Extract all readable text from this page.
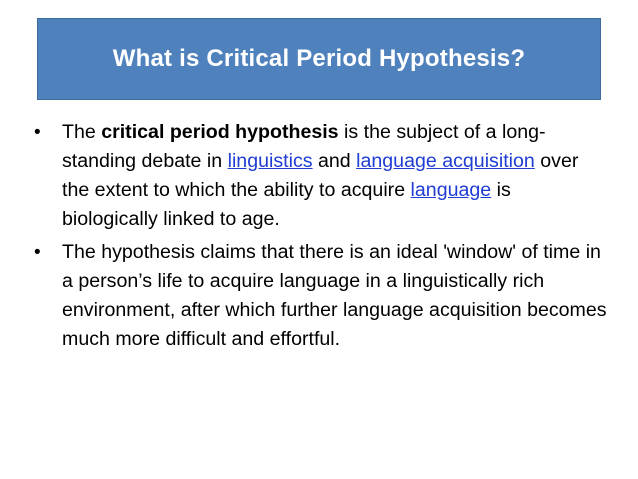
What is Critical Period Hypothesis?
•	The critical period hypothesis is the subject of a long-standing debate in linguistics and language acquisition over the extent to which the ability to acquire language is biologically linked to age.
•	The hypothesis claims that there is an ideal 'window' of time in a person’s life to acquire language in a linguistically rich environment, after which further language acquisition becomes much more difficult and effortful.
